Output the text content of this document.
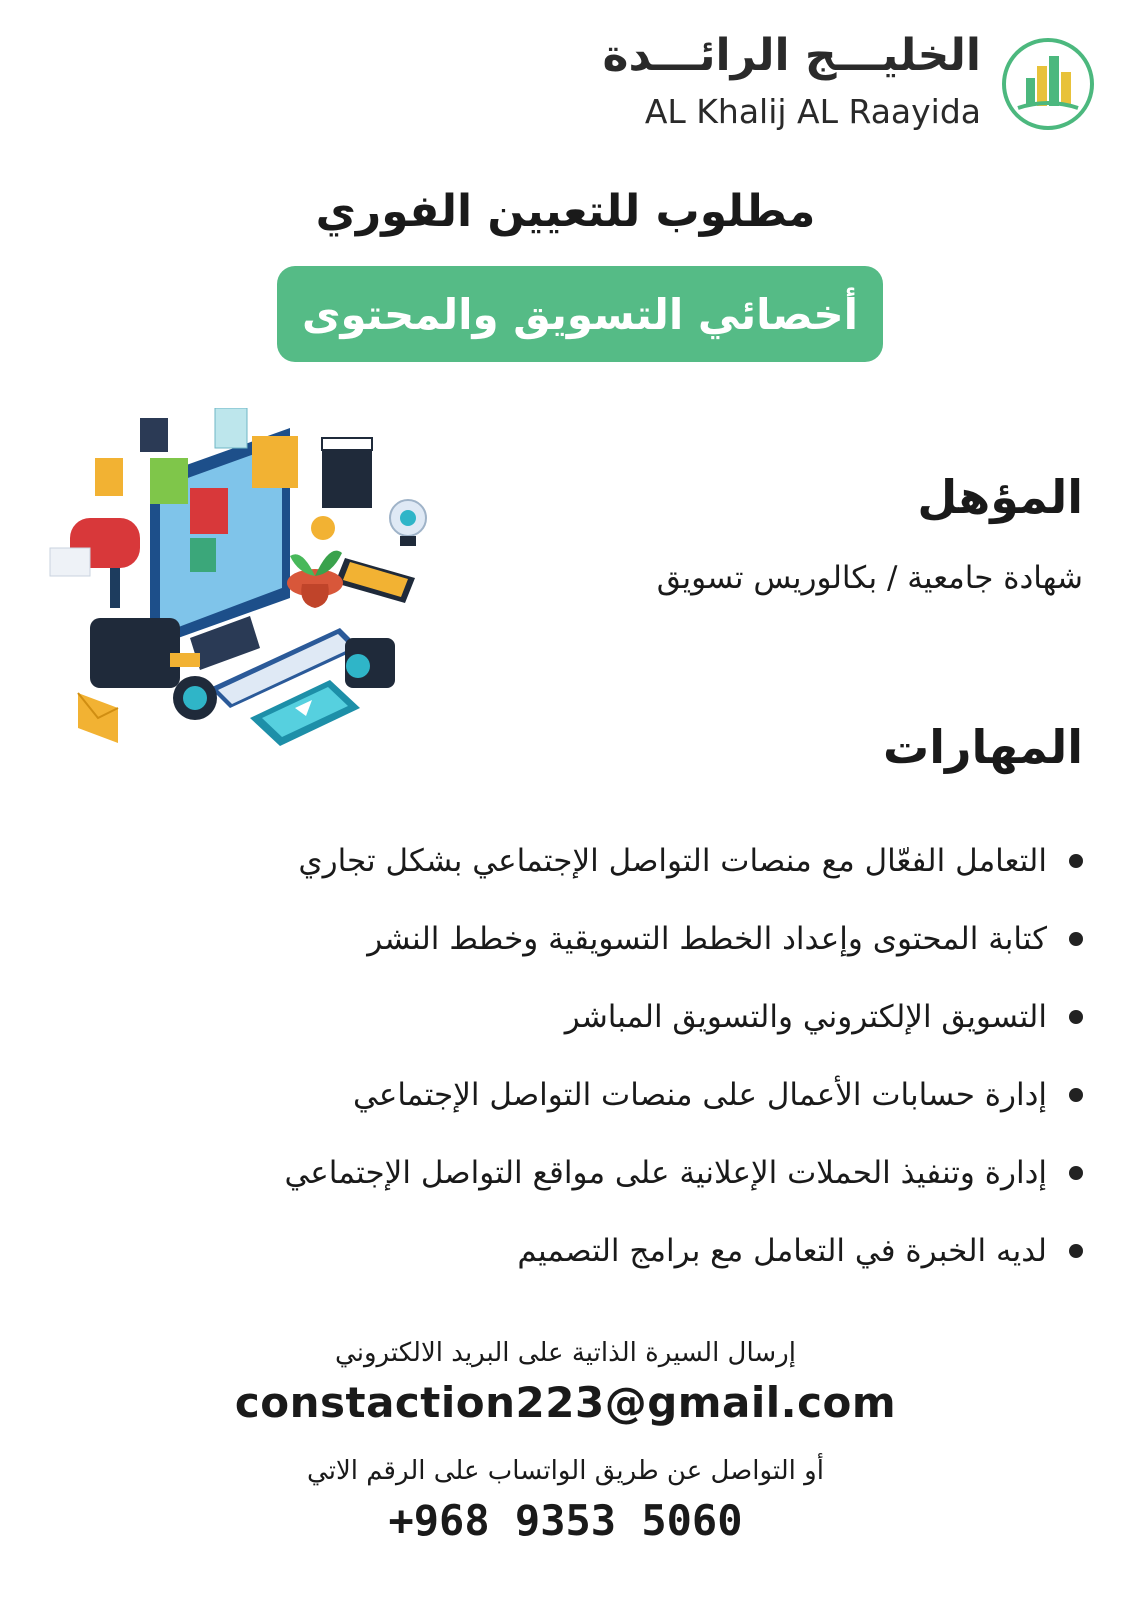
الخليـــج الرائـــدة
AL Khalij AL Raayida
مطلوب للتعيين الفوري
أخصائي التسويق والمحتوى
المؤهل
شهادة جامعية / بكالوريس تسويق
المهارات
التعامل الفعّال مع منصات التواصل الإجتماعي بشكل تجاري
كتابة المحتوى وإعداد الخطط التسويقية وخطط النشر
التسويق الإلكتروني والتسويق المباشر
إدارة حسابات الأعمال على منصات التواصل الإجتماعي
إدارة وتنفيذ الحملات الإعلانية على مواقع التواصل الإجتماعي
لديه الخبرة في التعامل مع برامج التصميم
إرسال السيرة الذاتية على البريد الالكتروني
constaction223@gmail.com
أو التواصل عن طريق الواتساب على الرقم الاتي
+968 9353 5060
